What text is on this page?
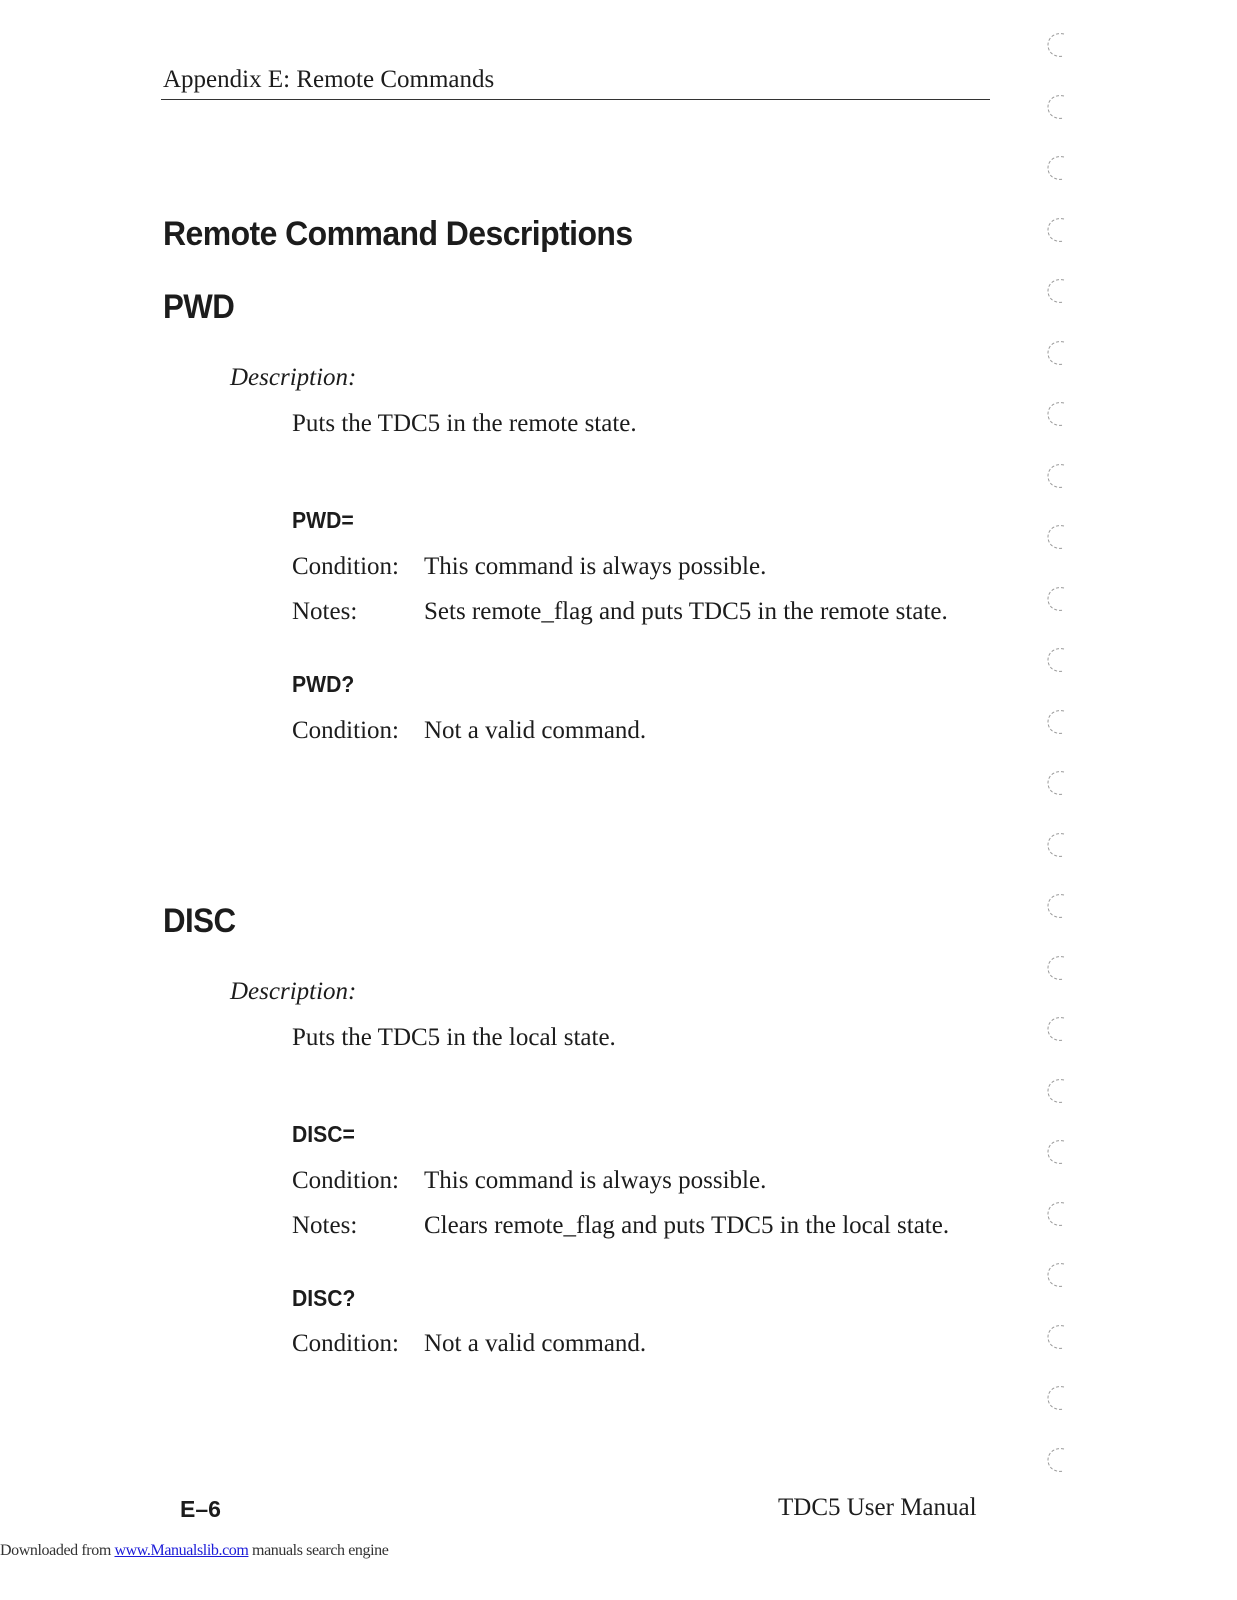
Appendix E: Remote Commands
Remote Command Descriptions
PWD
Description:
Puts the TDC5 in the remote state.
PWD=
Condition: This command is always possible.
Notes:	Sets remote_flag and puts TDC5 in the remote state.
PWD?
Condition: Not a valid command.
DISC
Description:
Puts the TDC5 in the local state.
DISC=
Condition: This command is always possible.
Notes:	Clears remote_flag and puts TDC5 in the local state.
DISC?
Condition: Not a valid command.
E–6	TDC5 User Manual
Downloaded from www.Manualslib.com manuals search engine
